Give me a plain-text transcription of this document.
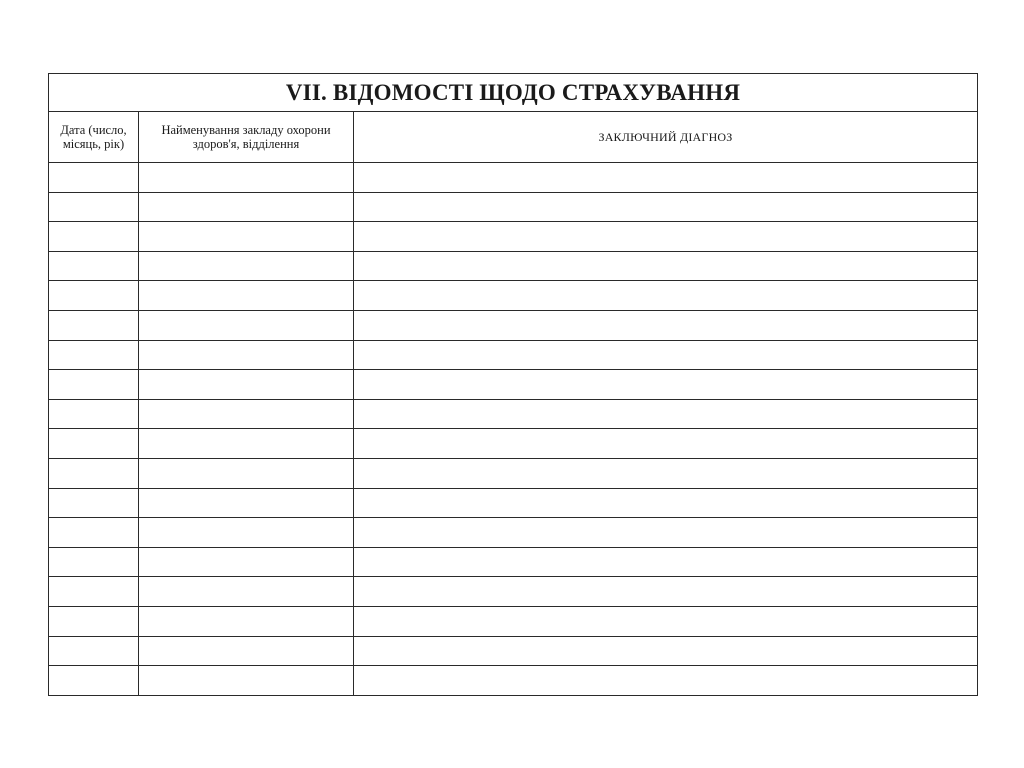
VII. ВІДОМОСТІ ЩОДО СТРАХУВАННЯ		
Дата (число, місяць, рік)	Найменування закладу охорони здоров'я, відділення	ЗАКЛЮЧНИЙ ДІАГНОЗ
